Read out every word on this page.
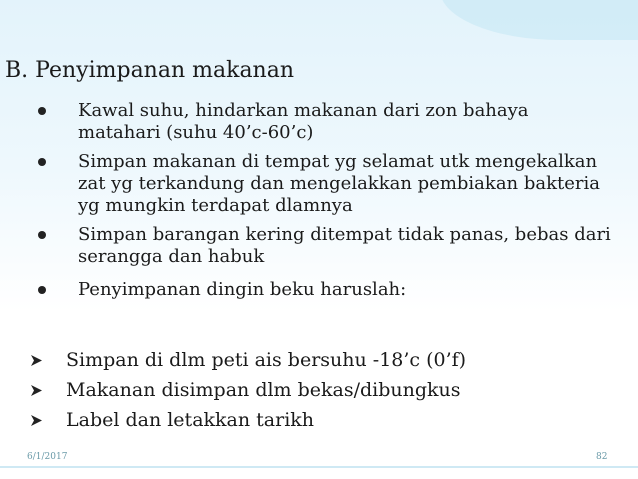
B. Penyimpanan makanan
Kawal suhu, hindarkan makanan dari zon bahaya matahari (suhu 40’c-60’c)
Simpan makanan di tempat yg selamat utk mengekalkan zat yg terkandung dan mengelakkan pembiakan bakteria yg mungkin terdapat dlamnya
Simpan barangan kering ditempat tidak panas, bebas dari serangga dan habuk
Penyimpanan dingin beku haruslah:
Simpan di dlm peti ais bersuhu -18’c (0’f)
Makanan disimpan dlm bekas/dibungkus
Label dan letakkan tarikh
6/1/2017	82
